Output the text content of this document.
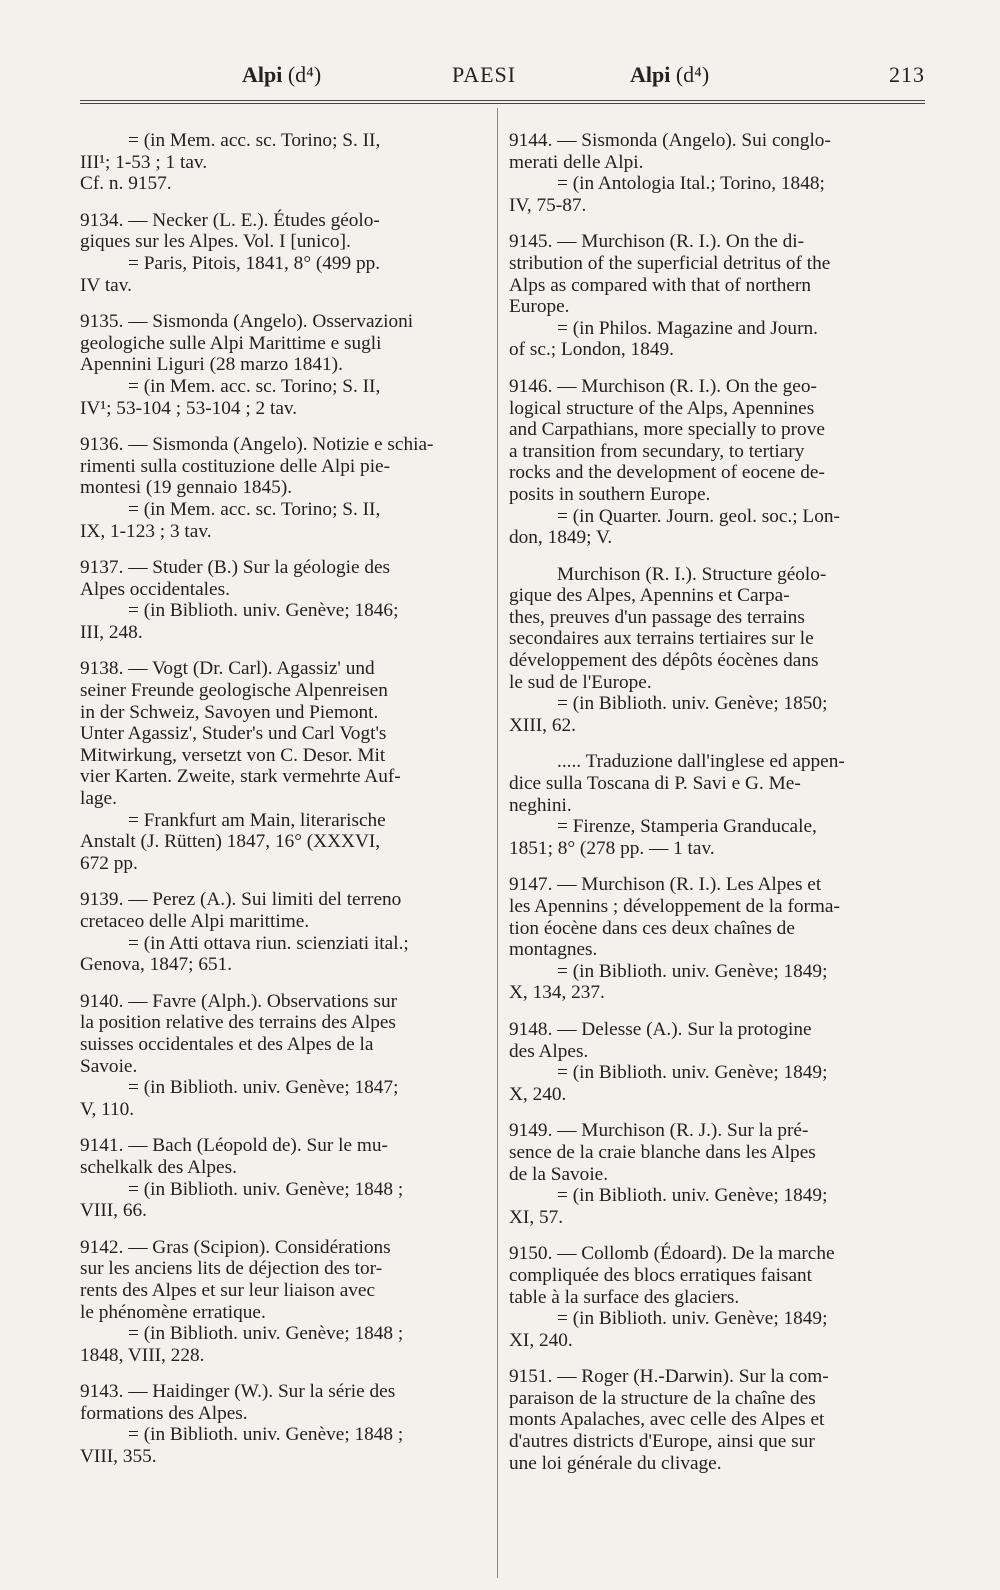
Alpi (d⁴)	PAESI	Alpi (d⁴)	213
= (in Mem. acc. sc. Torino; S. II,
III¹; 1-53 ; 1 tav.
Cf. n. 9157.
9134. — Necker (L. E.). Études géolo-
giques sur les Alpes. Vol. I [unico].
= Paris, Pitois, 1841, 8° (499 pp.
IV tav.
9135. — Sismonda (Angelo). Osservazioni
geologiche sulle Alpi Marittime e sugli
Apennini Liguri (28 marzo 1841).
= (in Mem. acc. sc. Torino; S. II,
IV¹; 53-104 ; 53-104 ; 2 tav.
9136. — Sismonda (Angelo). Notizie e schia-
rimenti sulla costituzione delle Alpi pie-
montesi (19 gennaio 1845).
= (in Mem. acc. sc. Torino; S. II,
IX, 1-123 ; 3 tav.
9137. — Studer (B.) Sur la géologie des
Alpes occidentales.
= (in Biblioth. univ. Genève; 1846;
III, 248.
9138. — Vogt (Dr. Carl). Agassiz' und
seiner Freunde geologische Alpenreisen
in der Schweiz, Savoyen und Piemont.
Unter Agassiz', Studer's und Carl Vogt's
Mitwirkung, versetzt von C. Desor. Mit
vier Karten. Zweite, stark vermehrte Auf-
lage.
= Frankfurt am Main, literarische
Anstalt (J. Rütten) 1847, 16° (XXXVI,
672 pp.
9139. — Perez (A.). Sui limiti del terreno
cretaceo delle Alpi marittime.
= (in Atti ottava riun. scienziati ital.;
Genova, 1847; 651.
9140. — Favre (Alph.). Observations sur
la position relative des terrains des Alpes
suisses occidentales et des Alpes de la
Savoie.
= (in Biblioth. univ. Genève; 1847;
V, 110.
9141. — Bach (Léopold de). Sur le mu-
schelkalk des Alpes.
= (in Biblioth. univ. Genève; 1848 ;
VIII, 66.
9142. — Gras (Scipion). Considérations
sur les anciens lits de déjection des tor-
rents des Alpes et sur leur liaison avec
le phénomène erratique.
= (in Biblioth. univ. Genève; 1848 ;
1848, VIII, 228.
9143. — Haidinger (W.). Sur la série des
formations des Alpes.
= (in Biblioth. univ. Genève; 1848 ;
VIII, 355.
9144. — Sismonda (Angelo). Sui conglo-
merati delle Alpi.
= (in Antologia Ital.; Torino, 1848;
IV, 75-87.
9145. — Murchison (R. I.). On the di-
stribution of the superficial detritus of the
Alps as compared with that of northern
Europe.
= (in Philos. Magazine and Journ.
of sc.; London, 1849.
9146. — Murchison (R. I.). On the geo-
logical structure of the Alps, Apennines
and Carpathians, more specially to prove
a transition from secundary, to tertiary
rocks and the development of eocene de-
posits in southern Europe.
= (in Quarter. Journ. geol. soc.; Lon-
don, 1849; V.
Murchison (R. I.). Structure géolo-
gique des Alpes, Apennins et Carpa-
thes, preuves d'un passage des terrains
secondaires aux terrains tertiaires sur le
développement des dépôts éocènes dans
le sud de l'Europe.
= (in Biblioth. univ. Genève; 1850;
XIII, 62.
..... Traduzione dall'inglese ed appen-
dice sulla Toscana di P. Savi e G. Me-
neghini.
= Firenze, Stamperia Granducale,
1851; 8° (278 pp. — 1 tav.
9147. — Murchison (R. I.). Les Alpes et
les Apennins ; développement de la forma-
tion éocène dans ces deux chaînes de
montagnes.
= (in Biblioth. univ. Genève; 1849;
X, 134, 237.
9148. — Delesse (A.). Sur la protogine
des Alpes.
= (in Biblioth. univ. Genève; 1849;
X, 240.
9149. — Murchison (R. J.). Sur la pré-
sence de la craie blanche dans les Alpes
de la Savoie.
= (in Biblioth. univ. Genève; 1849;
XI, 57.
9150. — Collomb (Édoard). De la marche
compliquée des blocs erratiques faisant
table à la surface des glaciers.
= (in Biblioth. univ. Genève; 1849;
XI, 240.
9151. — Roger (H.-Darwin). Sur la com-
paraison de la structure de la chaîne des
monts Apalaches, avec celle des Alpes et
d'autres districts d'Europe, ainsi que sur
une loi générale du clivage.
